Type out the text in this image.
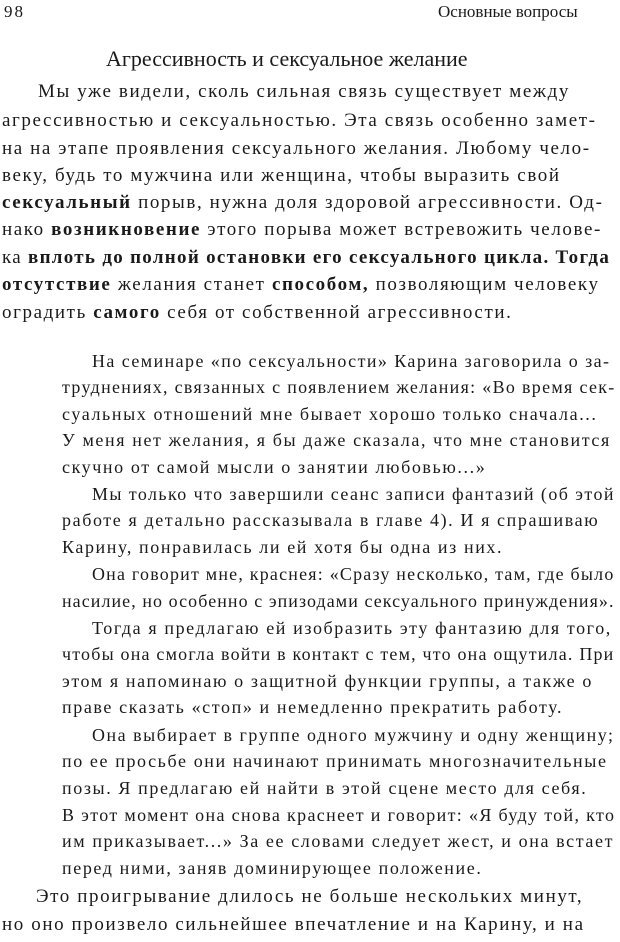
98	Основные вопросы
Агрессивность и сексуальное желание
Мы уже видели, сколь сильная связь существует между
агрессивностью и сексуальностью. Эта связь особенно замет-
на на этапе проявления сексуального желания. Любому чело-
веку, будь то мужчина или женщина, чтобы выразить свой
сексуальный порыв, нужна доля здоровой агрессивности. Од-
нако возникновение этого порыва может встревожить челове-
ка вплоть до полной остановки его сексуального цикла. Тогда
отсутствие желания станет способом, позволяющим человеку
оградить самого себя от собственной агрессивности.
На семинаре «по сексуальности» Карина заговорила о за-
труднениях, связанных с появлением желания: «Во время сек-
суальных отношений мне бывает хорошо только сначала...
У меня нет желания, я бы даже сказала, что мне становится
скучно от самой мысли о занятии любовью...»
Мы только что завершили сеанс записи фантазий (об этой
работе я детально рассказывала в главе 4). И я спрашиваю
Карину, понравилась ли ей хотя бы одна из них.
Она говорит мне, краснея: «Сразу несколько, там, где было
насилие, но особенно с эпизодами сексуального принуждения».
Тогда я предлагаю ей изобразить эту фантазию для того,
чтобы она смогла войти в контакт с тем, что она ощутила. При
этом я напоминаю о защитной функции группы, а также о
праве сказать «стоп» и немедленно прекратить работу.
Она выбирает в группе одного мужчину и одну женщину;
по ее просьбе они начинают принимать многозначительные
позы. Я предлагаю ей найти в этой сцене место для себя.
В этот момент она снова краснеет и говорит: «Я буду той, кто
им приказывает...» За ее словами следует жест, и она встает
перед ними, заняв доминирующее положение.
Это проигрывание длилось не больше нескольких минут,
но оно произвело сильнейшее впечатление и на Карину, и на
